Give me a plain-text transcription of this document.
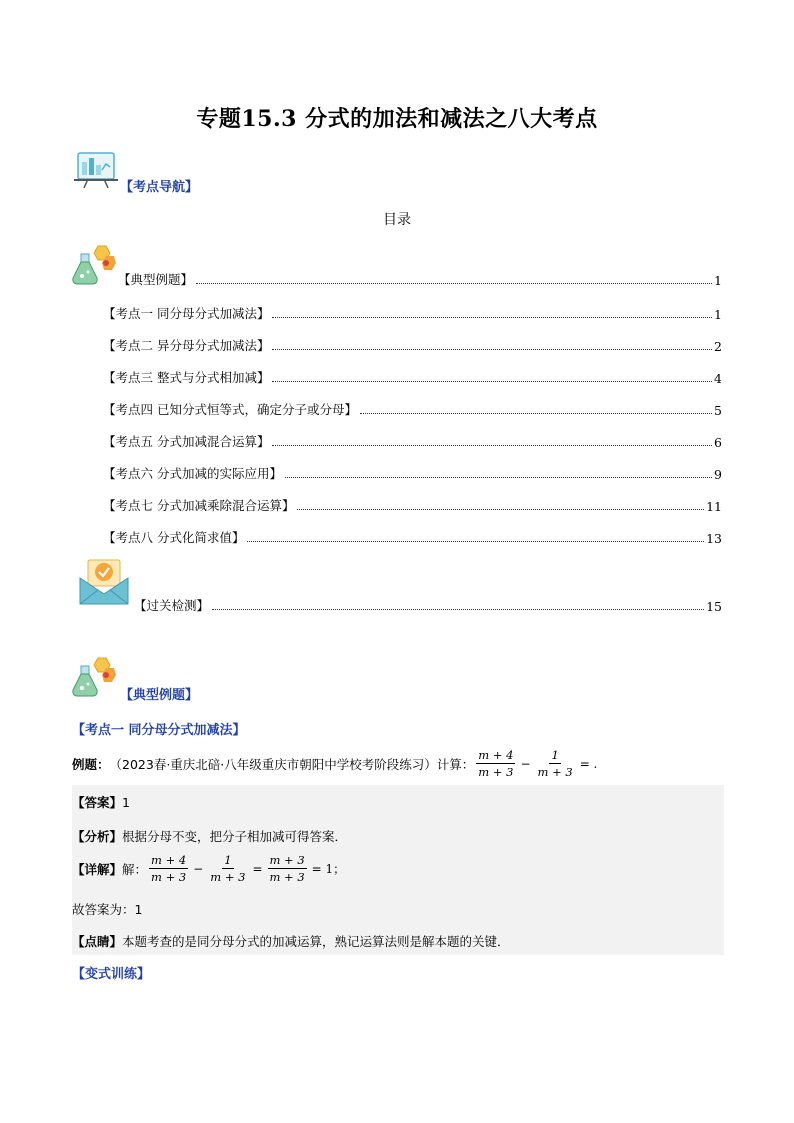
专题15.3 分式的加法和减法之八大考点
【考点导航】
目录
【典型例题】	1
【考点一 同分母分式加减法】	1
【考点二 异分母分式加减法】	2
【考点三 整式与分式相加减】	4
【考点四 已知分式恒等式，确定分子或分母】	5
【考点五 分式加减混合运算】	6
【考点六 分式加减的实际应用】	9
【考点七 分式加减乘除混合运算】	11
【考点八 分式化简求值】	13
【过关检测】	15
【典型例题】
【考点一 同分母分式加减法】
例题： （2023春·重庆北碚·八年级重庆市朝阳中学校考阶段练习）计算： $\frac{m + 4}{m + 3} - \frac{1}{m + 3}$ = .
【答案】 1
【分析】 根据分母不变，把分子相加减可得答案．
【详解】 解： $\frac{m + 4}{m + 3} - \frac{1}{m + 3} = \frac{m + 3}{m + 3} = 1$；
故答案为：1
【点睛】 本题考查的是同分母分式的加减运算，熟记运算法则是解本题的关键．
【变式训练】
